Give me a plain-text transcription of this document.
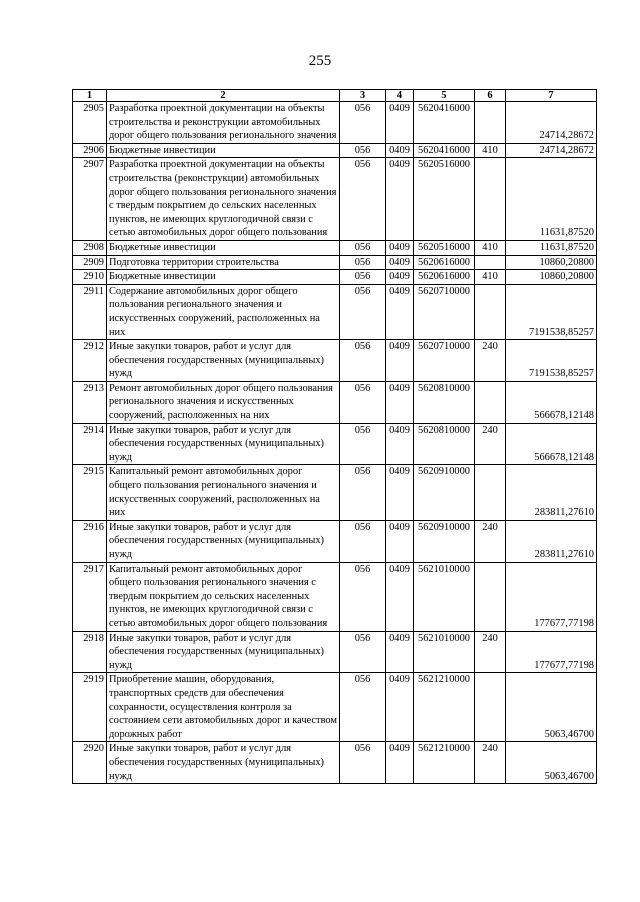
255
1	2	3	4	5	6	7
2905	Разработка проектной документации на объекты строительства и реконструкции автомобильных дорог общего пользования регионального значения	056	0409	5620416000		24714,28672
2906	Бюджетные инвестиции	056	0409	5620416000	410	24714,28672
2907	Разработка проектной документации на объекты строительства (реконструкции) автомобильных дорог общего пользования регионального значения с твердым покрытием до сельских населенных пунктов, не имеющих круглогодичной связи с сетью автомобильных дорог общего пользования	056	0409	5620516000		11631,87520
2908	Бюджетные инвестиции	056	0409	5620516000	410	11631,87520
2909	Подготовка территории строительства	056	0409	5620616000		10860,20800
2910	Бюджетные инвестиции	056	0409	5620616000	410	10860,20800
2911	Содержание автомобильных дорог общего пользования регионального значения и искусственных сооружений, расположенных на них	056	0409	5620710000		7191538,85257
2912	Иные закупки товаров, работ и услуг для обеспечения государственных (муниципальных) нужд	056	0409	5620710000	240	7191538,85257
2913	Ремонт автомобильных дорог общего пользования регионального значения и искусственных сооружений, расположенных на них	056	0409	5620810000		566678,12148
2914	Иные закупки товаров, работ и услуг для обеспечения государственных (муниципальных) нужд	056	0409	5620810000	240	566678,12148
2915	Капитальный ремонт автомобильных дорог общего пользования регионального значения и искусственных сооружений, расположенных на них	056	0409	5620910000		283811,27610
2916	Иные закупки товаров, работ и услуг для обеспечения государственных (муниципальных) нужд	056	0409	5620910000	240	283811,27610
2917	Капитальный ремонт автомобильных дорог общего пользования регионального значения с твердым покрытием до сельских населенных пунктов, не имеющих круглогодичной связи с сетью автомобильных дорог общего пользования	056	0409	5621010000		177677,77198
2918	Иные закупки товаров, работ и услуг для обеспечения государственных (муниципальных) нужд	056	0409	5621010000	240	177677,77198
2919	Приобретение машин, оборудования, транспортных средств для обеспечения сохранности, осуществления контроля за состоянием сети автомобильных дорог и качеством дорожных работ	056	0409	5621210000		5063,46700
2920	Иные закупки товаров, работ и услуг для обеспечения государственных (муниципальных) нужд	056	0409	5621210000	240	5063,46700
